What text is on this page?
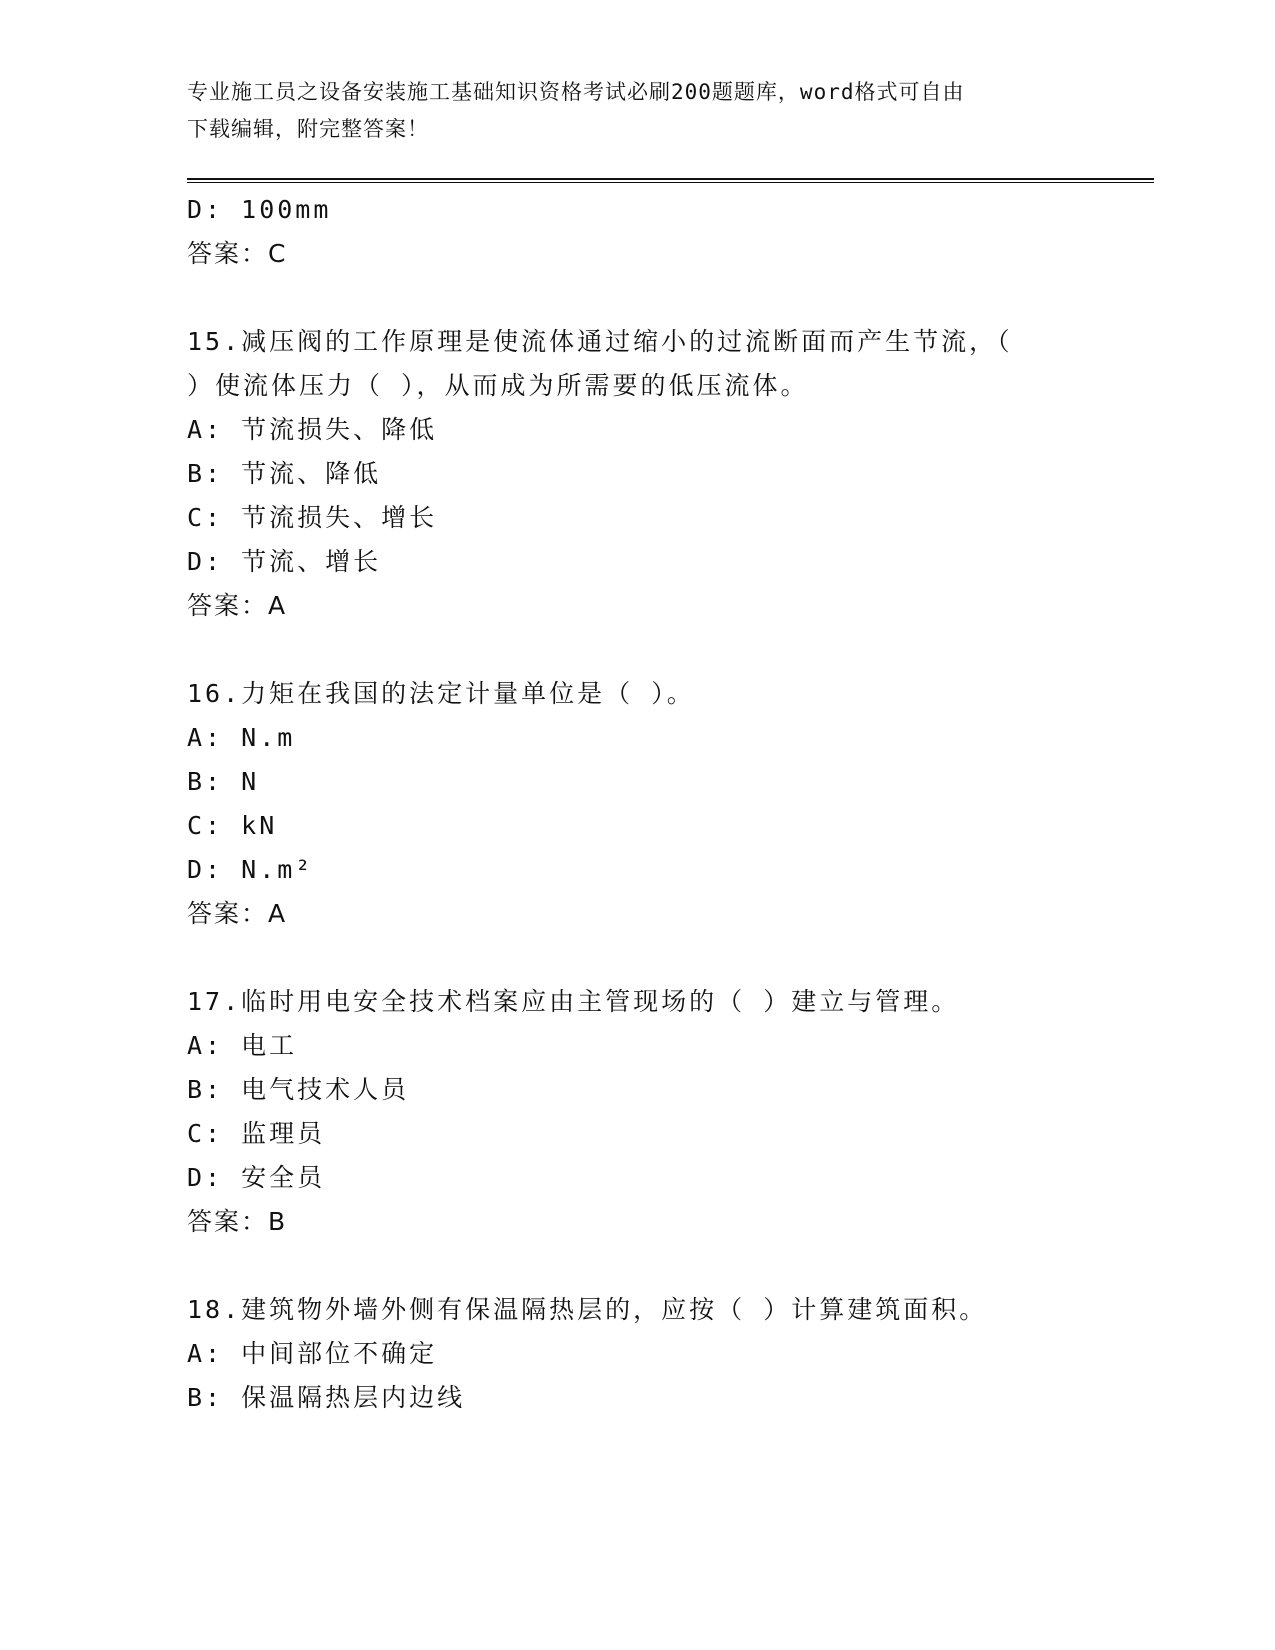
专业施工员之设备安装施工基础知识资格考试必刷200题题库，word格式可自由
下载编辑，附完整答案！
D: 100mm
答案：C
15.减压阀的工作原理是使流体通过缩小的过流断面而产生节流，（
）使流体压力（ ），从而成为所需要的低压流体。
A: 节流损失、降低
B: 节流、降低
C: 节流损失、增长
D: 节流、增长
答案：A
16.力矩在我国的法定计量单位是（ ）。
A: N.m
B: N
C: kN
D: N.m²
答案：A
17.临时用电安全技术档案应由主管现场的（ ）建立与管理。
A: 电工
B: 电气技术人员
C: 监理员
D: 安全员
答案：B
18.建筑物外墙外侧有保温隔热层的，应按（ ）计算建筑面积。
A: 中间部位不确定
B: 保温隔热层内边线
